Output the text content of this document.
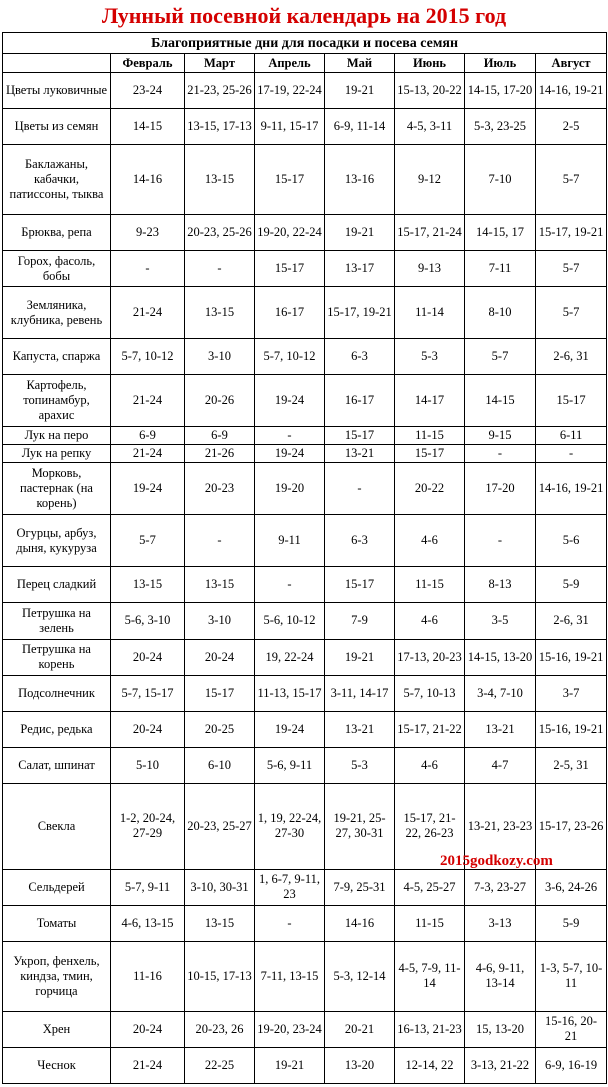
Лунный посевной календарь на 2015 год
Благоприятные дни для посадки и посева семян							
	Февраль	Март	Апрель	Май	Июнь	Июль	Август
Цветы луковичные	23-24	21-23, 25-26	17-19, 22-24	19-21	15-13, 20-22	14-15, 17-20	14-16, 19-21
Цветы из семян	14-15	13-15, 17-13	9-11, 15-17	6-9, 11-14	4-5, 3-11	5-3, 23-25	2-5
Баклажаны, кабачки, патиссоны, тыква	14-16	13-15	15-17	13-16	9-12	7-10	5-7
Брюква, репа	9-23	20-23, 25-26	19-20, 22-24	19-21	15-17, 21-24	14-15, 17	15-17, 19-21
Горох, фасоль, бобы	-	-	15-17	13-17	9-13	7-11	5-7
Земляника, клубника, ревень	21-24	13-15	16-17	15-17, 19-21	11-14	8-10	5-7
Капуста, спаржа	5-7, 10-12	3-10	5-7, 10-12	6-3	5-3	5-7	2-6, 31
Картофель, топинамбур, арахис	21-24	20-26	19-24	16-17	14-17	14-15	15-17
Лук на перо	6-9	6-9	-	15-17	11-15	9-15	6-11
Лук на репку	21-24	21-26	19-24	13-21	15-17	-	-
Морковь, пастернак (на корень)	19-24	20-23	19-20	-	20-22	17-20	14-16, 19-21
Огурцы, арбуз, дыня, кукуруза	5-7	-	9-11	6-3	4-6	-	5-6
Перец сладкий	13-15	13-15	-	15-17	11-15	8-13	5-9
Петрушка на зелень	5-6, 3-10	3-10	5-6, 10-12	7-9	4-6	3-5	2-6, 31
Петрушка на корень	20-24	20-24	19, 22-24	19-21	17-13, 20-23	14-15, 13-20	15-16, 19-21
Подсолнечник	5-7, 15-17	15-17	11-13, 15-17	3-11, 14-17	5-7, 10-13	3-4, 7-10	3-7
Редис, редька	20-24	20-25	19-24	13-21	15-17, 21-22	13-21	15-16, 19-21
Салат, шпинат	5-10	6-10	5-6, 9-11	5-3	4-6	4-7	2-5, 31
Свекла	1-2, 20-24, 27-29	20-23, 25-27	1, 19, 22-24, 27-30	19-21, 25-27, 30-31	15-17, 21-22, 26-23	13-21, 23-23	15-17, 23-26
Сельдерей	5-7, 9-11	3-10, 30-31	1, 6-7, 9-11, 23	7-9, 25-31	4-5, 25-27	7-3, 23-27	3-6, 24-26
Томаты	4-6, 13-15	13-15	-	14-16	11-15	3-13	5-9
Укроп, фенхель, киндза, тмин, горчица	11-16	10-15, 17-13	7-11, 13-15	5-3, 12-14	4-5, 7-9, 11- 14	4-6, 9-11, 13-14	1-3, 5-7, 10-11
Хрен	20-24	20-23, 26	19-20, 23-24	20-21	16-13, 21-23	15, 13-20	15-16, 20- 21
Чеснок	21-24	22-25	19-21	13-20	12-14, 22	3-13, 21-22	6-9, 16-19
2015godkozy.com
